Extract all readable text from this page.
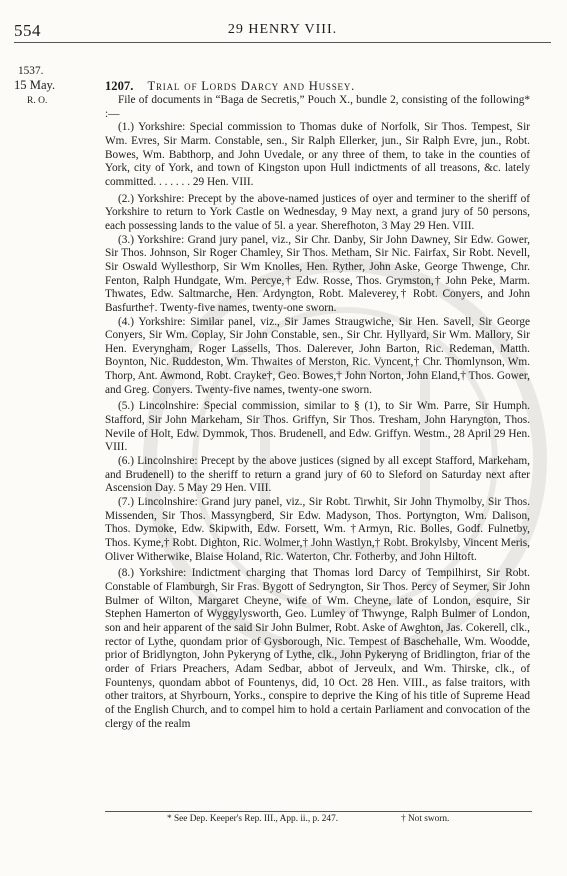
554	29 HENRY VIII.
1537.
15 May.
R. O.
1207. Trial of Lords Darcy and Hussey.

File of documents in “Baga de Secretis,” Pouch X., bundle 2, consisting of the following* :—

(1.) Yorkshire: Special commission to Thomas duke of Norfolk, Sir Thos. Tempest, Sir Wm. Evres, Sir Marm. Constable, sen., Sir Ralph Ellerker, jun., Sir Ralph Evre, jun., Robt. Bowes, Wm. Babthorp, and John Uvedale, or any three of them, to take in the counties of York, city of York, and town of Kingston upon Hull indictments of all treasons, &c. lately committed. . . . . . . 29 Hen. VIII.

(2.) Yorkshire: Precept by the above-named justices of oyer and terminer to the sheriff of Yorkshire to return to York Castle on Wednesday, 9 May next, a grand jury of 50 persons, each possessing lands to the value of 5l. a year. Sherefhoton, 3 May 29 Hen. VIII.

(3.) Yorkshire: Grand jury panel, viz., Sir Chr. Danby, Sir John Dawney, Sir Edw. Gower, Sir Thos. Johnson, Sir Roger Chamley, Sir Thos. Metham, Sir Nic. Fairfax, Sir Robt. Nevell, Sir Oswald Wyllesthorp, Sir Wm Knolles, Hen. Ryther, John Aske, George Thwenge, Chr. Fenton, Ralph Hundgate, Wm. Percye,† Edw. Rosse, Thos. Grymston,† John Peke, Marm. Thwates, Edw. Saltmarche, Hen. Ardyngton, Robt. Maleverey,† Robt. Conyers, and John Basfurthe†. Twenty-five names, twenty-one sworn.

(4.) Yorkshire: Similar panel, viz., Sir James Straugwiche, Sir Hen. Savell, Sir George Conyers, Sir Wm. Coplay, Sir John Constable, sen., Sir Chr. Hyllyard, Sir Wm. Mallory, Sir Hen. Everyngham, Roger Lassells, Thos. Dalerever, John Barton, Ric. Redeman, Matth. Boynton, Nic. Ruddeston, Wm. Thwaites of Merston, Ric. Vyncent,† Chr. Thomlynson, Wm. Thorp, Ant. Awmond, Robt. Crayke†, Geo. Bowes,† John Norton, John Eland,† Thos. Gower, and Greg. Conyers. Twenty-five names, twenty-one sworn.

(5.) Lincolnshire: Special commission, similar to § (1), to Sir Wm. Parre, Sir Humph. Stafford, Sir John Markeham, Sir Thos. Griffyn, Sir Thos. Tresham, John Haryngton, Thos. Nevile of Holt, Edw. Dymmok, Thos. Brudenell, and Edw. Griffyn. Westm., 28 April 29 Hen. VIII.

(6.) Lincolnshire: Precept by the above justices (signed by all except Stafford, Markeham, and Brudenell) to the sheriff to return a grand jury of 60 to Sleford on Saturday next after Ascension Day. 5 May 29 Hen. VIII.

(7.) Lincolnshire: Grand jury panel, viz., Sir Robt. Tirwhit, Sir John Thymolby, Sir Thos. Missenden, Sir Thos. Massyngberd, Sir Edw. Madyson, Thos. Portyngton, Wm. Dalison, Thos. Dymoke, Edw. Skipwith, Edw. Forsett, Wm. †Armyn, Ric. Bolles, Godf. Fulnetby, Thos. Kyme,† Robt. Dighton, Ric. Wolmer,† John Wastlyn,† Robt. Brokylsby, Vincent Meris, Oliver Witherwike, Blaise Holand, Ric. Waterton, Chr. Fotherby, and John Hiltoft.

(8.) Yorkshire: Indictment charging that Thomas lord Darcy of Tempilhirst, Sir Robt. Constable of Flamburgh, Sir Fras. Bygott of Sedryngton, Sir Thos. Percy of Seymer, Sir John Bulmer of Wilton, Margaret Cheyne, wife of Wm. Cheyne, late of London, esquire, Sir Stephen Hamerton of Wyggylysworth, Geo. Lumley of Thwynge, Ralph Bulmer of London, son and heir apparent of the said Sir John Bulmer, Robt. Aske of Awghton, Jas. Cokerell, clk., rector of Lythe, quondam prior of Gysborough, Nic. Tempest of Baschehalle, Wm. Woodde, prior of Bridlyngton, John Pykeryng of Lythe, clk., John Pykeryng of Bridlington, friar of the order of Friars Preachers, Adam Sedbar, abbot of Jerveulx, and Wm. Thirske, clk., of Fountenys, quondam abbot of Fountenys, did, 10 Oct. 28 Hen. VIII., as false traitors, with other traitors, at Shyrbourn, Yorks., conspire to deprive the King of his title of Supreme Head of the English Church, and to compel him to hold a certain Parliament and convocation of the clergy of the realm

* See Dep. Keeper's Rep. III., App. ii., p. 247.	† Not sworn.
